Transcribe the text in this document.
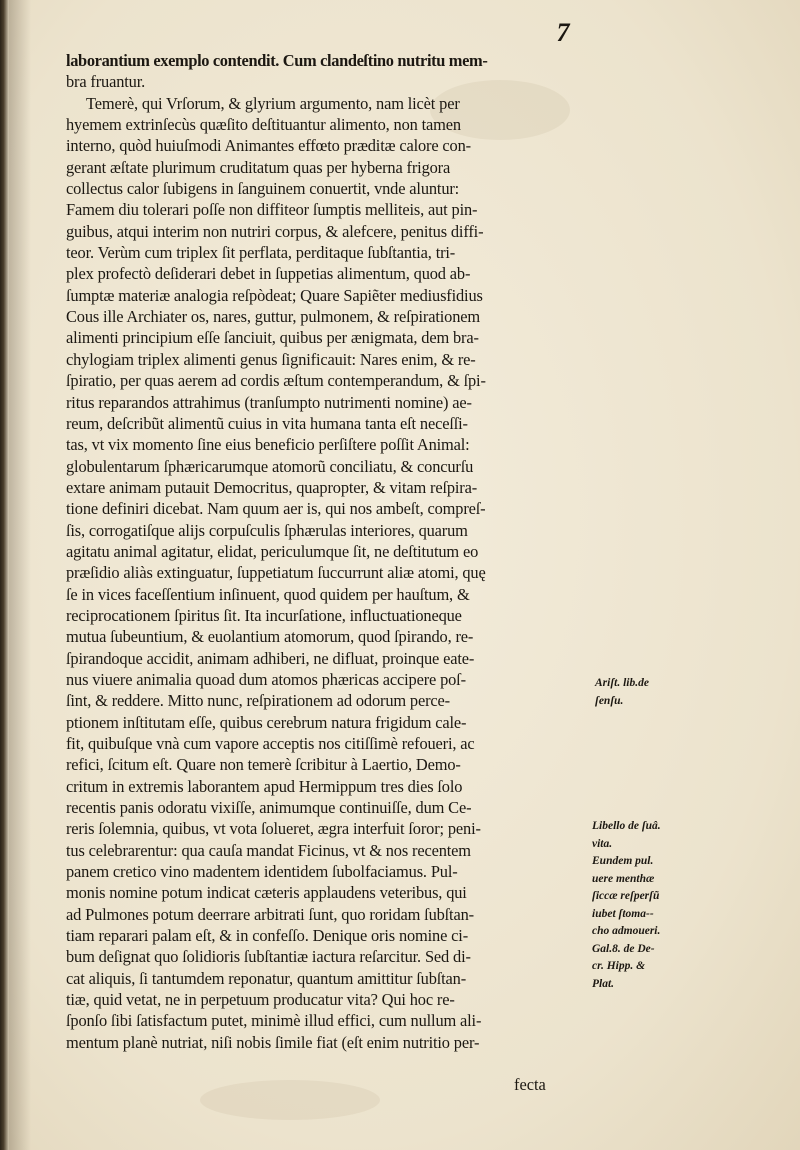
7
laborantium exemplo contendit. Cum clandeſtino nutritu mem-
bra fruantur.
Temerè, qui Vrſorum, & glyrium argumento, nam licèt per
hyemem extrinſecùs quæſito deſtituantur alimento, non tamen
interno, quòd huiuſmodi Animantes effœto præditæ calore con-
gerant æſtate plurimum cruditatum quas per hyberna frigora
collectus calor ſubigens in ſanguinem conuertit, vnde aluntur:
Famem diu tolerari poſſe non diffiteor ſumptis melliteis, aut pin-
guibus, atqui interim non nutriri corpus, & alefcere, penitus diffi-
teor. Verùm cum triplex ſit perflata, perditaque ſubſtantia, tri-
plex profectò deſiderari debet in ſuppetias alimentum, quod ab-
ſumptæ materiæ analogia reſpòdeat; Quare Sapiẽter mediusfidius
Cous ille Archiater os, nares, guttur, pulmonem, & reſpirationem
alimenti principium eſſe ſanciuit, quibus per ænigmata, dem bra-
chylogiam triplex alimenti genus ſignificauit: Nares enim, & re-
ſpiratio, per quas aerem ad cordis æſtum contemperandum, & ſpi-
ritus reparandos attrahimus (tranſumpto nutrimenti nomine) ae-
reum, deſcribũt alimentũ cuius in vita humana tanta eſt neceſſi-
tas, vt vix momento ſine eius beneficio perſiſtere poſſit Animal:
globulentarum ſphæricarumque atomorũ conciliatu, & concurſu
extare animam putauit Democritus, quapropter, & vitam reſpira-
tione definiri dicebat. Nam quum aer is, qui nos ambeſt, compreſ-
ſis, corrogatiſque alijs corpuſculis ſphærulas interiores, quarum
agitatu animal agitatur, elidat, periculumque ſit, ne deſtitutum eo
præſidio aliàs extinguatur, ſuppetiatum ſuccurrunt aliæ atomi, quę
ſe in vices faceſſentium inſinuent, quod quidem per hauſtum, &
reciprocationem ſpiritus ſit. Ita incurſatione, influctuationeque
mutua ſubeuntium, & euolantium atomorum, quod ſpirando, re-
ſpirandoque accidit, animam adhiberi, ne difluat, proinque eate-
nus viuere animalia quoad dum atomos phæricas accipere poſ-
ſint, & reddere. Mitto nunc, reſpirationem ad odorum perce-
ptionem inſtitutam eſſe, quibus cerebrum natura frigidum cale-
fit, quibuſque vnà cum vapore acceptis nos citiſſimè refoueri, ac
refici, ſcitum eſt. Quare non temerè ſcribitur à Laertio, Demo-
critum in extremis laborantem apud Hermippum tres dies ſolo
recentis panis odoratu vixiſſe, animumque continuiſſe, dum Ce-
reris ſolemnia, quibus, vt vota ſolueret, ægra interfuit ſoror; peni-
tus celebrarentur: qua cauſa mandat Ficinus, vt & nos recentem
panem cretico vino madentem identidem ſubolfaciamus. Pul-
monis nomine potum indicat cæteris applaudens veteribus, qui
ad Pulmones potum deerrare arbitrati ſunt, quo roridam ſubſtan-
tiam reparari palam eſt, & in confeſſo. Denique oris nomine ci-
bum deſignat quo ſolidioris ſubſtantiæ iactura reſarcitur. Sed di-
cat aliquis, ſi tantumdem reponatur, quantum amittitur ſubſtan-
tiæ, quid vetat, ne in perpetuum producatur vita? Qui hoc re-
ſponſo ſibi ſatisfactum putet, minimè illud effici, cum nullum ali-
mentum planè nutriat, niſi nobis ſimile fiat (eſt enim nutritio per-
fecta
Ariſt. lib.de
ſenſu.
Libello de ſuâ.
vita.
Eundem pul.
uere menthæ
ſiccæ reſperſũ
iubet ſtoma--
cho admoueri.
Gal.8. de De-
cr. Hipp. &
Plat.
